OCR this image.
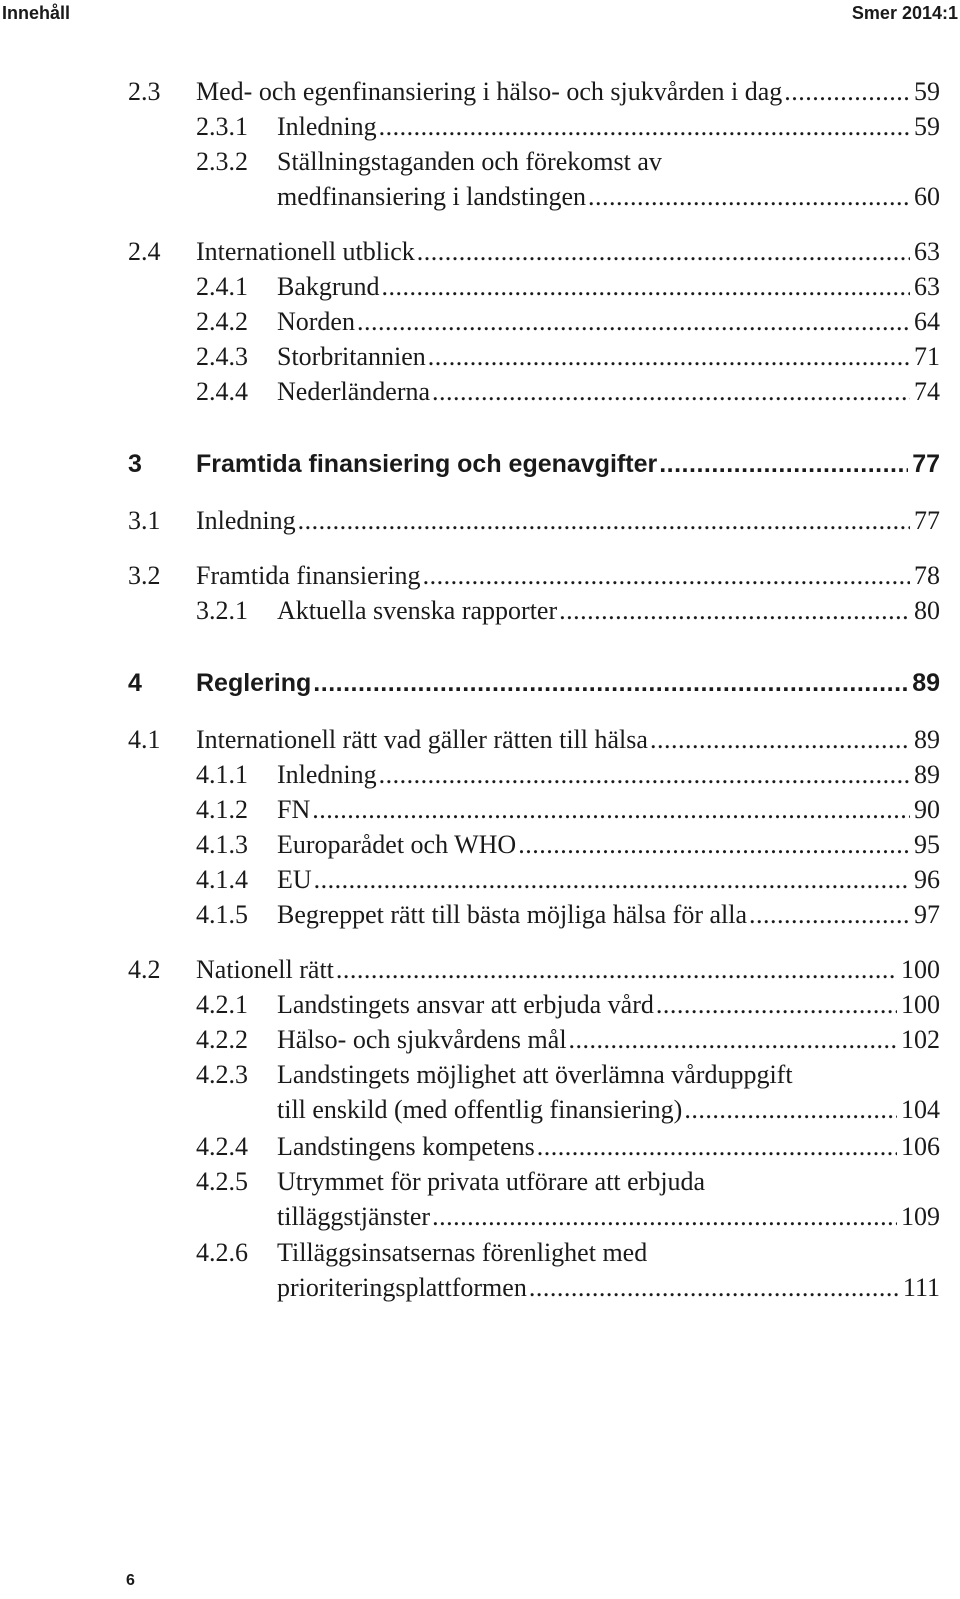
Innehåll	Smer 2014:1
2.3 Med- och egenfinansiering i hälso- och sjukvården i dag .....	59
2.3.1 Inledning .....	59
2.3.2 Ställningstaganden och förekomst av
medfinansiering i landstingen .....	60
2.4 Internationell utblick .....	63
2.4.1 Bakgrund .....	63
2.4.2 Norden .....	64
2.4.3 Storbritannien .....	71
2.4.4 Nederländerna .....	74
3 Framtida finansiering och egenavgifter .....	77
3.1 Inledning .....	77
3.2 Framtida finansiering .....	78
3.2.1 Aktuella svenska rapporter .....	80
4 Reglering .....	89
4.1 Internationell rätt vad gäller rätten till hälsa .....	89
4.1.1 Inledning .....	89
4.1.2 FN .....	90
4.1.3 Europarådet och WHO .....	95
4.1.4 EU .....	96
4.1.5 Begreppet rätt till bästa möjliga hälsa för alla .....	97
4.2 Nationell rätt .....	100
4.2.1 Landstingets ansvar att erbjuda vård .....	100
4.2.2 Hälso- och sjukvårdens mål .....	102
4.2.3 Landstingets möjlighet att överlämna vårduppgift
till enskild (med offentlig finansiering) .....	104
4.2.4 Landstingens kompetens .....	106
4.2.5 Utrymmet för privata utförare att erbjuda
tilläggstjänster .....	109
4.2.6 Tilläggsinsatsernas förenlighet med
prioriteringsplattformen .....	111
6
